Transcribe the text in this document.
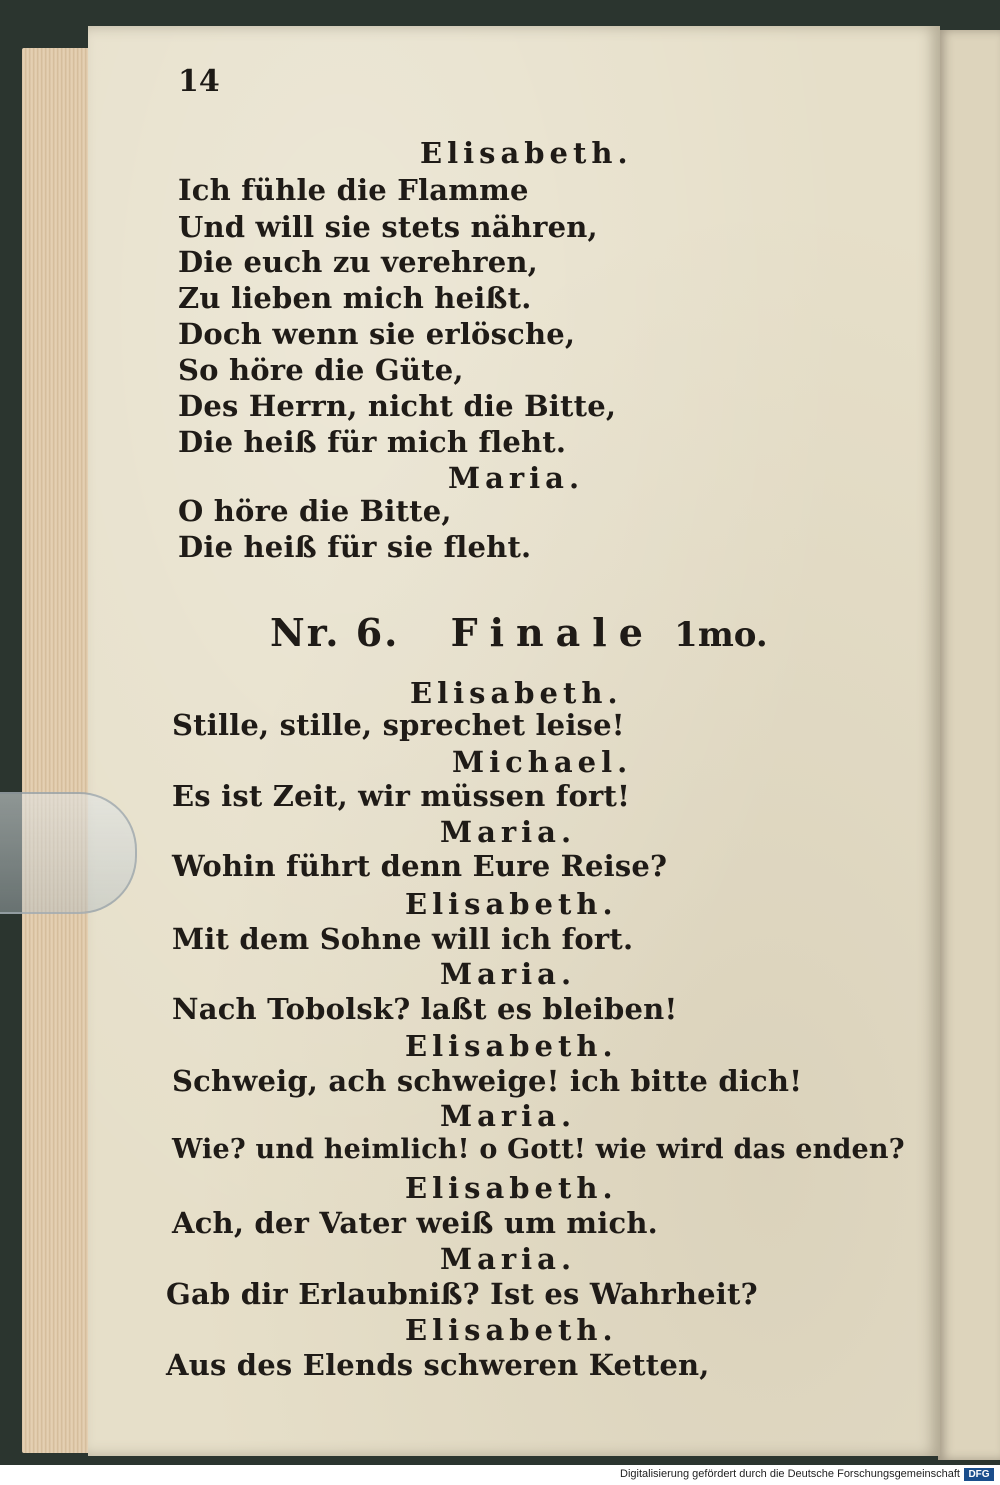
14
Elisabeth.
Ich fühle die Flamme
Und will sie stets nähren,
Die euch zu verehren,
Zu lieben mich heißt.
Doch wenn sie erlösche,
So höre die Güte,
Des Herrn, nicht die Bitte,
Die heiß für mich fleht.
Maria.
O höre die Bitte,
Die heiß für sie fleht.
Nr. 6. Finale 1mo.
Elisabeth.
Stille, stille, sprechet leise!
Michael.
Es ist Zeit, wir müssen fort!
Maria.
Wohin führt denn Eure Reise?
Elisabeth.
Mit dem Sohne will ich fort.
Maria.
Nach Tobolsk? laßt es bleiben!
Elisabeth.
Schweig, ach schweige! ich bitte dich!
Maria.
Wie? und heimlich! o Gott! wie wird das enden?
Elisabeth.
Ach, der Vater weiß um mich.
Maria.
Gab dir Erlaubniß? Ist es Wahrheit?
Elisabeth.
Aus des Elends schweren Ketten,
Digitalisierung gefördert durch die Deutsche Forschungsgemeinschaft DFG
